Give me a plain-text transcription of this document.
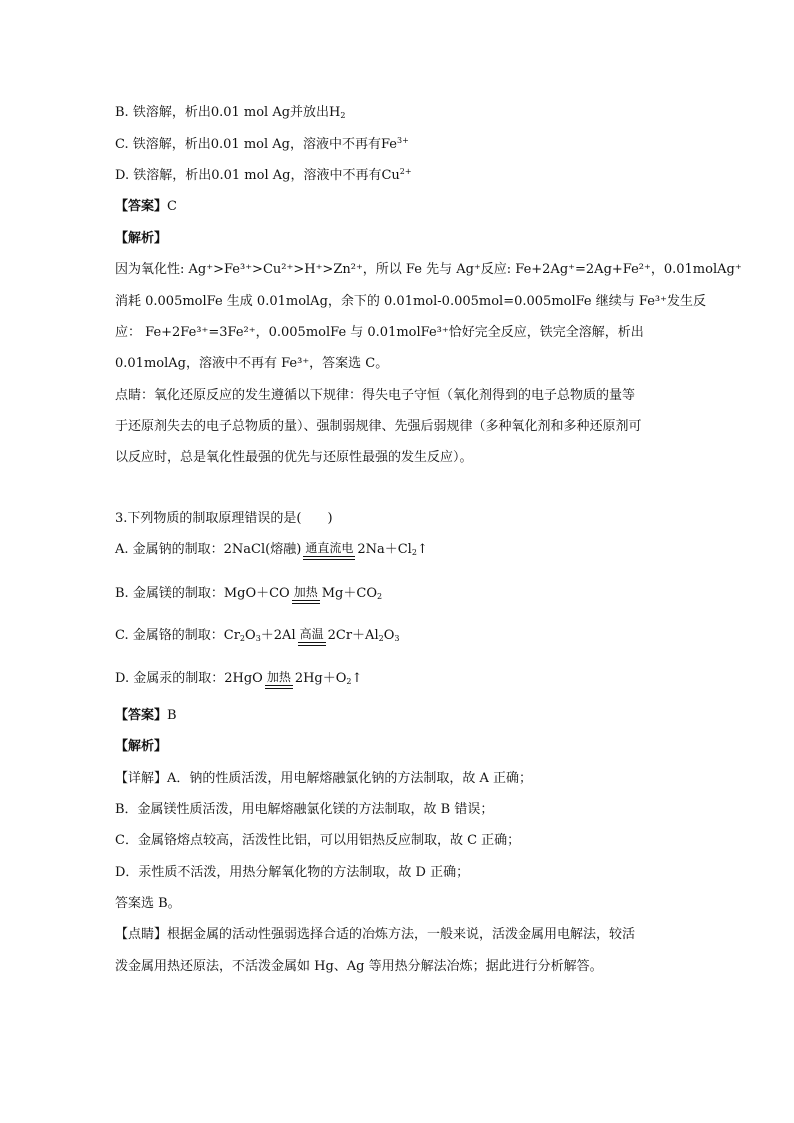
B. 铁溶解，析出0.01 mol Ag并放出$H_2$
C. 铁溶解，析出0.01 mol Ag，溶液中不再有$Fe^{3+}$
D. 铁溶解，析出0.01 mol Ag，溶液中不再有$Cu^{2+}$
【答案】C
【解析】
因为氧化性: Ag⁺>Fe³⁺>Cu²⁺>H⁺>Zn²⁺，所以 Fe 先与 Ag⁺反应: Fe+2Ag⁺=2Ag+Fe²⁺，0.01molAg⁺
消耗 0.005molFe 生成 0.01molAg，余下的 0.01mol-0.005mol=0.005molFe 继续与 Fe³⁺发生反
应： Fe+2Fe³⁺=3Fe²⁺，0.005molFe 与 0.01molFe³⁺恰好完全反应，铁完全溶解，析出
0.01molAg，溶液中不再有 Fe³⁺，答案选 C。
点睛：氧化还原反应的发生遵循以下规律：得失电子守恒（氧化剂得到的电子总物质的量等
于还原剂失去的电子总物质的量）、强制弱规律、先强后弱规律（多种氧化剂和多种还原剂可
以反应时，总是氧化性最强的优先与还原性最强的发生反应）。
3.下列物质的制取原理错误的是(　　)
A. 金属钠的制取：2NaCl(熔融) 通直流电 $2Na+Cl_2↑$
B. 金属镁的制取：MgO＋CO 加热 $Mg+CO_2$
C. 金属铬的制取：$Cr_2O_3+2Al$ 高温 $2Cr+Al_2O_3$
D. 金属汞的制取：2HgO 加热 $2Hg+O_2↑$
【答案】B
【解析】
【详解】A．钠的性质活泼，用电解熔融氯化钠的方法制取，故 A 正确；
B．金属镁性质活泼，用电解熔融氯化镁的方法制取，故 B 错误；
C．金属铬熔点较高，活泼性比铝，可以用铝热反应制取，故 C 正确；
D．汞性质不活泼，用热分解氧化物的方法制取，故 D 正确；
答案选 B。
【点睛】根据金属的活动性强弱选择合适的冶炼方法，一般来说，活泼金属用电解法，较活
泼金属用热还原法，不活泼金属如 Hg、Ag 等用热分解法冶炼；据此进行分析解答。
